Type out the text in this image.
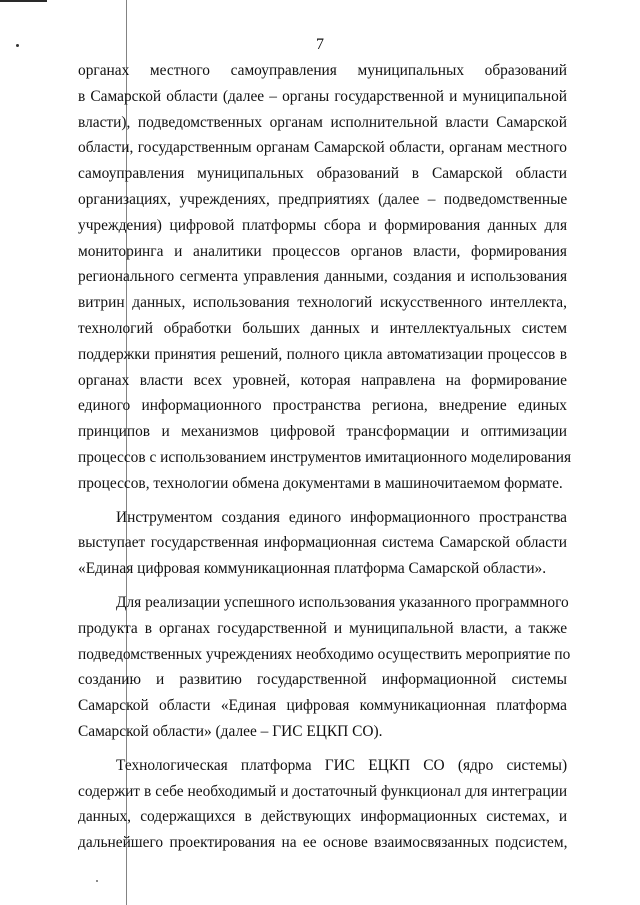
7

органах местного самоуправления муниципальных образований
в Самарской области (далее – органы государственной и муниципальной
власти), подведомственных органам исполнительной власти Самарской
области, государственным органам Самарской области, органам местного
самоуправления муниципальных образований в Самарской области
организациях, учреждениях, предприятиях (далее – подведомственные
учреждения) цифровой платформы сбора и формирования данных для
мониторинга и аналитики процессов органов власти, формирования
регионального сегмента управления данными, создания и использования
витрин данных, использования технологий искусственного интеллекта,
технологий обработки больших данных и интеллектуальных систем
поддержки принятия решений, полного цикла автоматизации процессов в
органах власти всех уровней, которая направлена на формирование
единого информационного пространства региона, внедрение единых
принципов и механизмов цифровой трансформации и оптимизации
процессов с использованием инструментов имитационного моделирования
процессов, технологии обмена документами в машиночитаемом формате.

Инструментом создания единого информационного пространства
выступает государственная информационная система Самарской области
«Единая цифровая коммуникационная платформа Самарской области».

Для реализации успешного использования указанного программного
продукта в органах государственной и муниципальной власти, а также
подведомственных учреждениях необходимо осуществить мероприятие по
созданию и развитию государственной информационной системы
Самарской области «Единая цифровая коммуникационная платформа
Самарской области» (далее – ГИС ЕЦКП СО).

Технологическая платформа ГИС ЕЦКП СО (ядро системы)
содержит в себе необходимый и достаточный функционал для интеграции
данных, содержащихся в действующих информационных системах, и
дальнейшего проектирования на ее основе взаимосвязанных подсистем,
